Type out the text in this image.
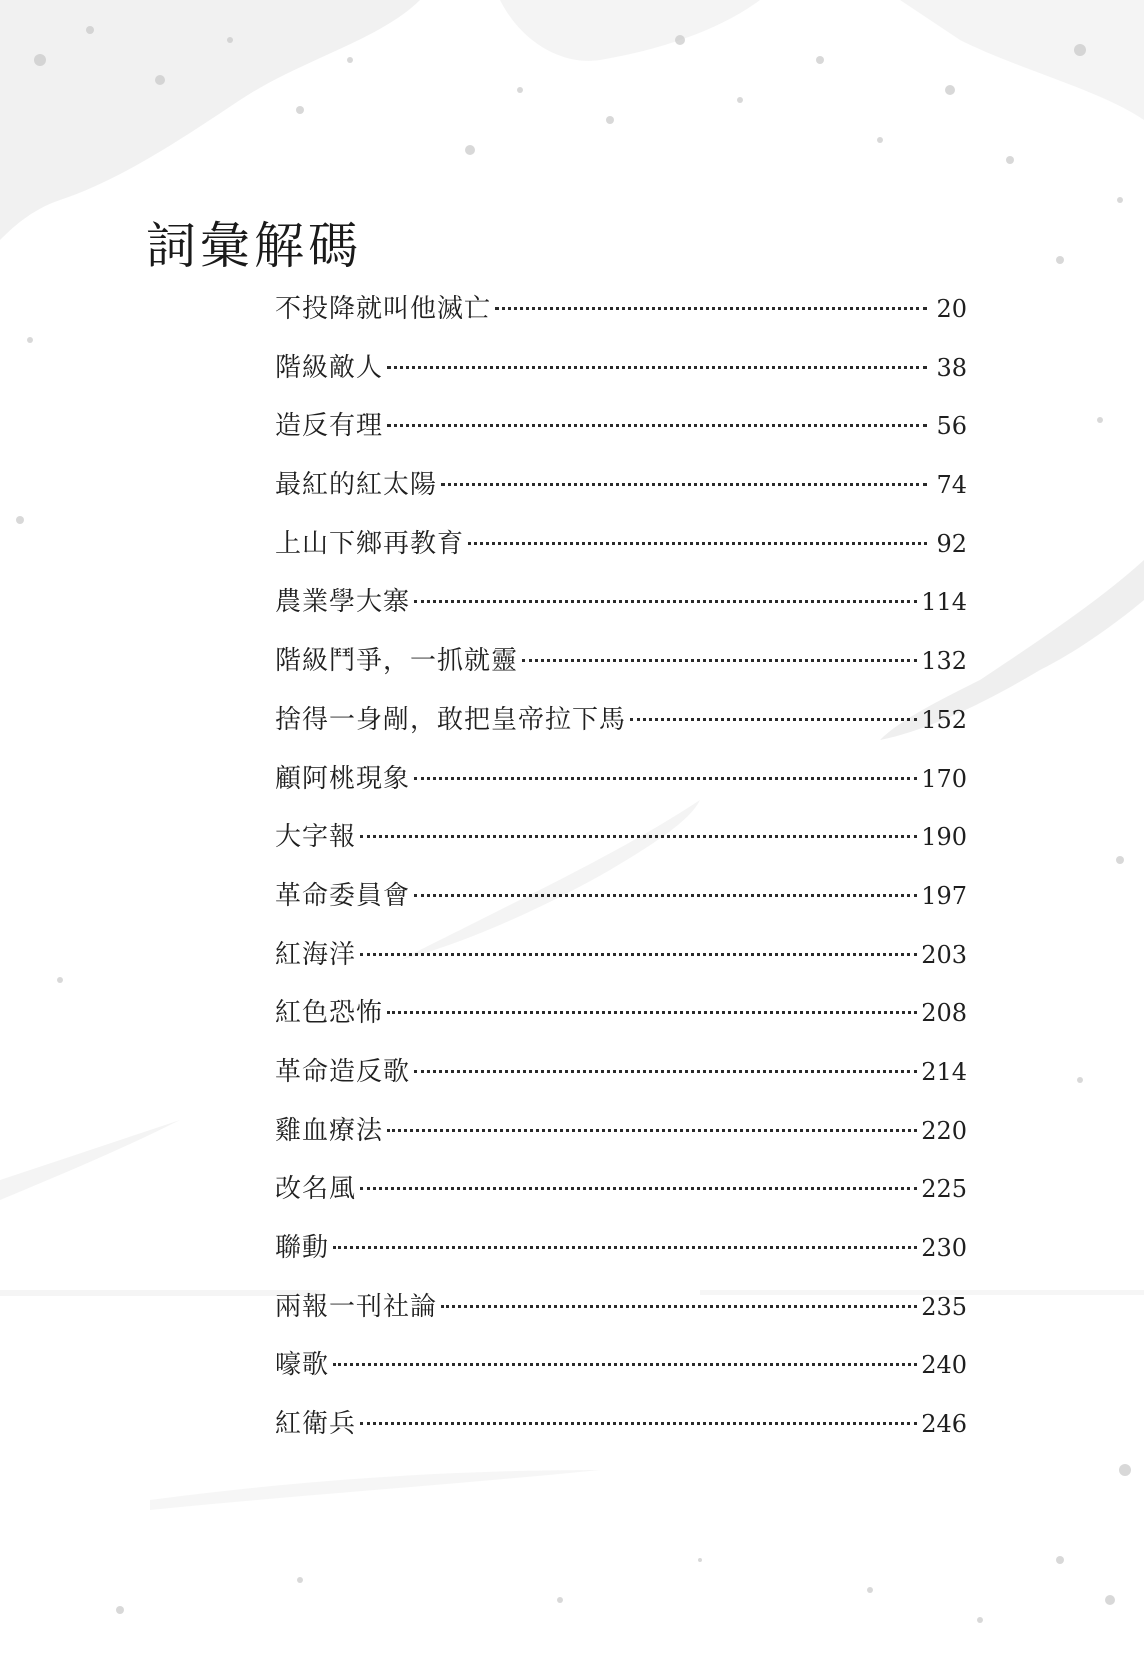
詞彙解碼
不投降就叫他滅亡	20
階級敵人	38
造反有理	56
最紅的紅太陽	74
上山下鄉再教育	92
農業學大寨	114
階級鬥爭，一抓就靈	132
捨得一身剮，敢把皇帝拉下馬	152
顧阿桃現象	170
大字報	190
革命委員會	197
紅海洋	203
紅色恐怖	208
革命造反歌	214
雞血療法	220
改名風	225
聯動	230
兩報一刊社論	235
嚎歌	240
紅衛兵	246
